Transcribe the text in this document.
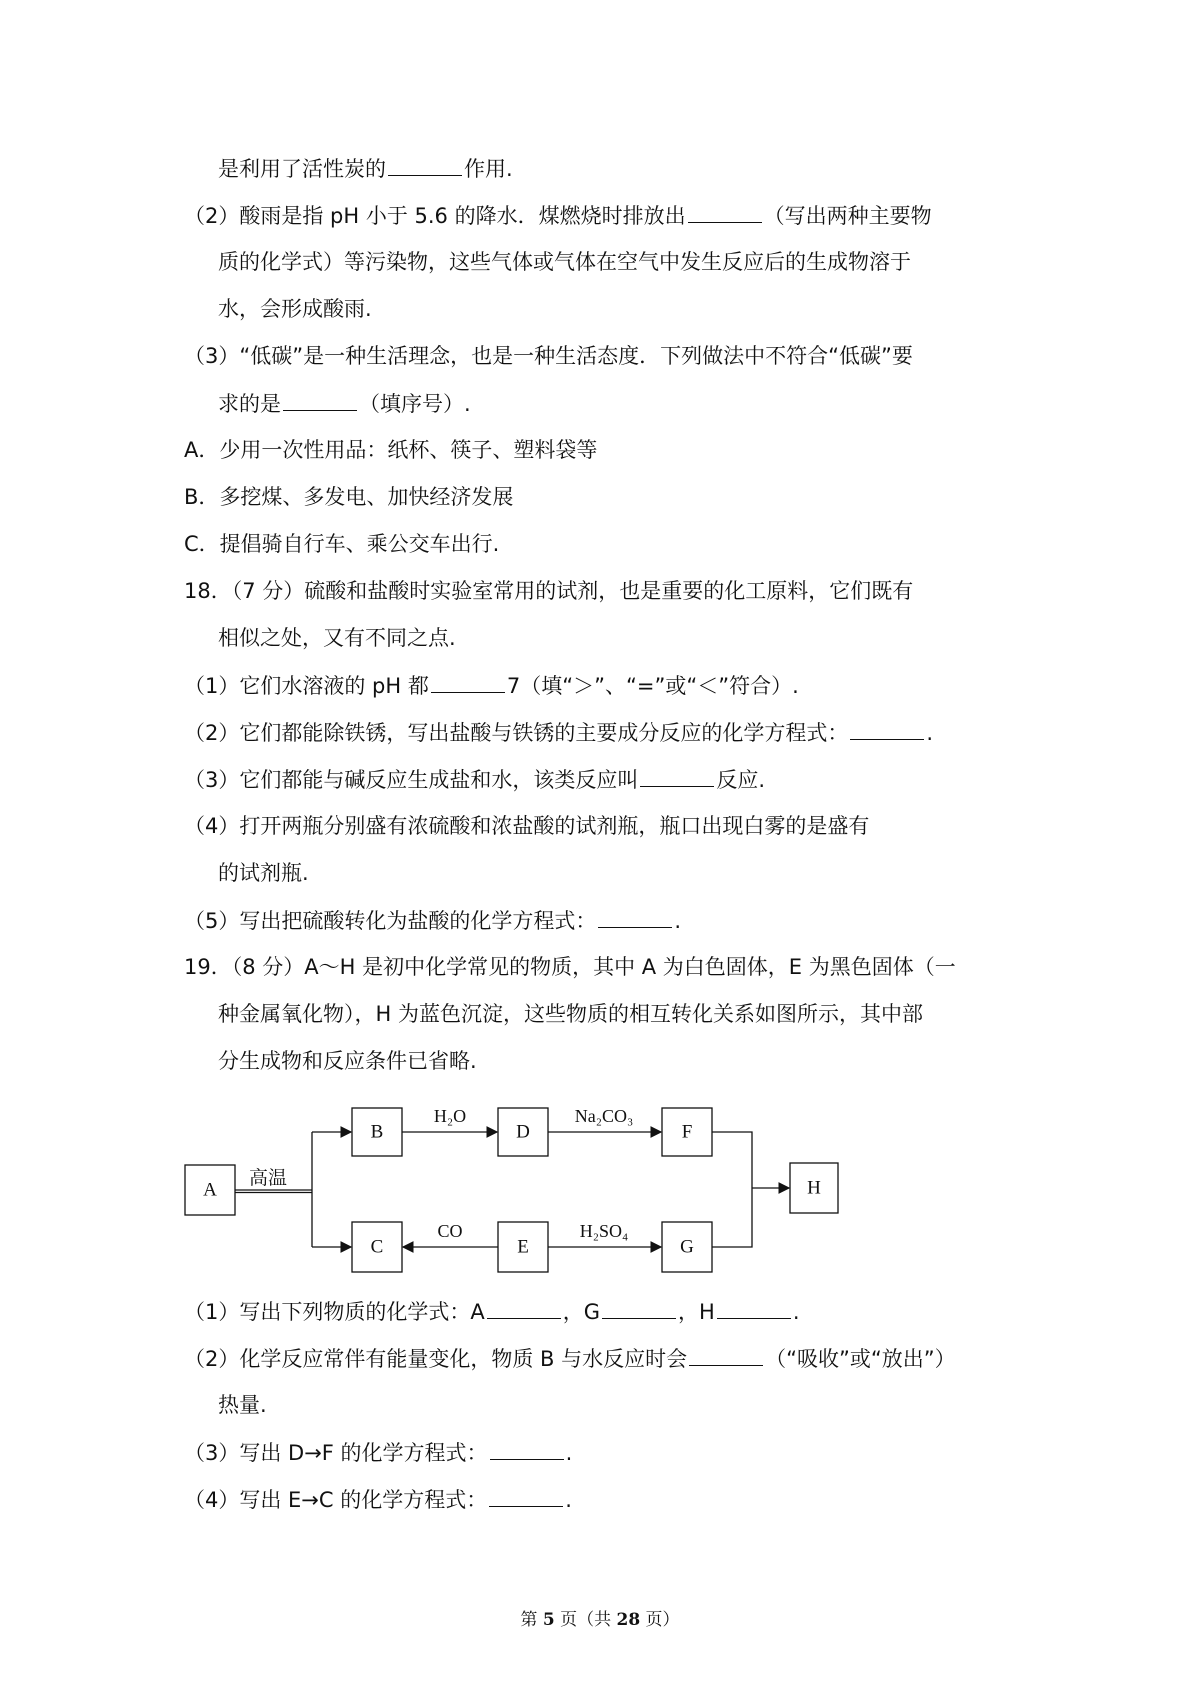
是利用了活性炭的	作用.
（2）酸雨是指 pH 小于 5.6 的降水．煤燃烧时排放出	（写出两种主要物
质的化学式）等污染物，这些气体或气体在空气中发生反应后的生成物溶于
水，会形成酸雨.
（3）“低碳”是一种生活理念，也是一种生活态度．下列做法中不符合“低碳”要
求的是	（填序号）.
A．少用一次性用品：纸杯、筷子、塑料袋等
B．多挖煤、多发电、加快经济发展
C．提倡骑自行车、乘公交车出行.
18．（7 分）硫酸和盐酸时实验室常用的试剂，也是重要的化工原料，它们既有
相似之处，又有不同之点.
（1）它们水溶液的 pH 都	7（填“＞”、“=”或“＜”符合）.
（2）它们都能除铁锈，写出盐酸与铁锈的主要成分反应的化学方程式：	.
（3）它们都能与碱反应生成盐和水，该类反应叫	反应.
（4）打开两瓶分别盛有浓硫酸和浓盐酸的试剂瓶，瓶口出现白雾的是盛有
的试剂瓶.
（5）写出把硫酸转化为盐酸的化学方程式：	.
19．（8 分）A～H 是初中化学常见的物质，其中 A 为白色固体，E 为黑色固体（一
种金属氧化物），H 为蓝色沉淀，这些物质的相互转化关系如图所示，其中部
分生成物和反应条件已省略.
A
B	D	F
H
C	E	G
高温
H₂O	Na₂CO₃
CO	H₂SO₄
（1）写出下列物质的化学式：A	，G	，H	.
（2）化学反应常伴有能量变化，物质 B 与水反应时会	（“吸收”或“放出”）
热量.
（3）写出 D→F 的化学方程式：	.
（4）写出 E→C 的化学方程式：	.
第 5 页（共 28 页）
